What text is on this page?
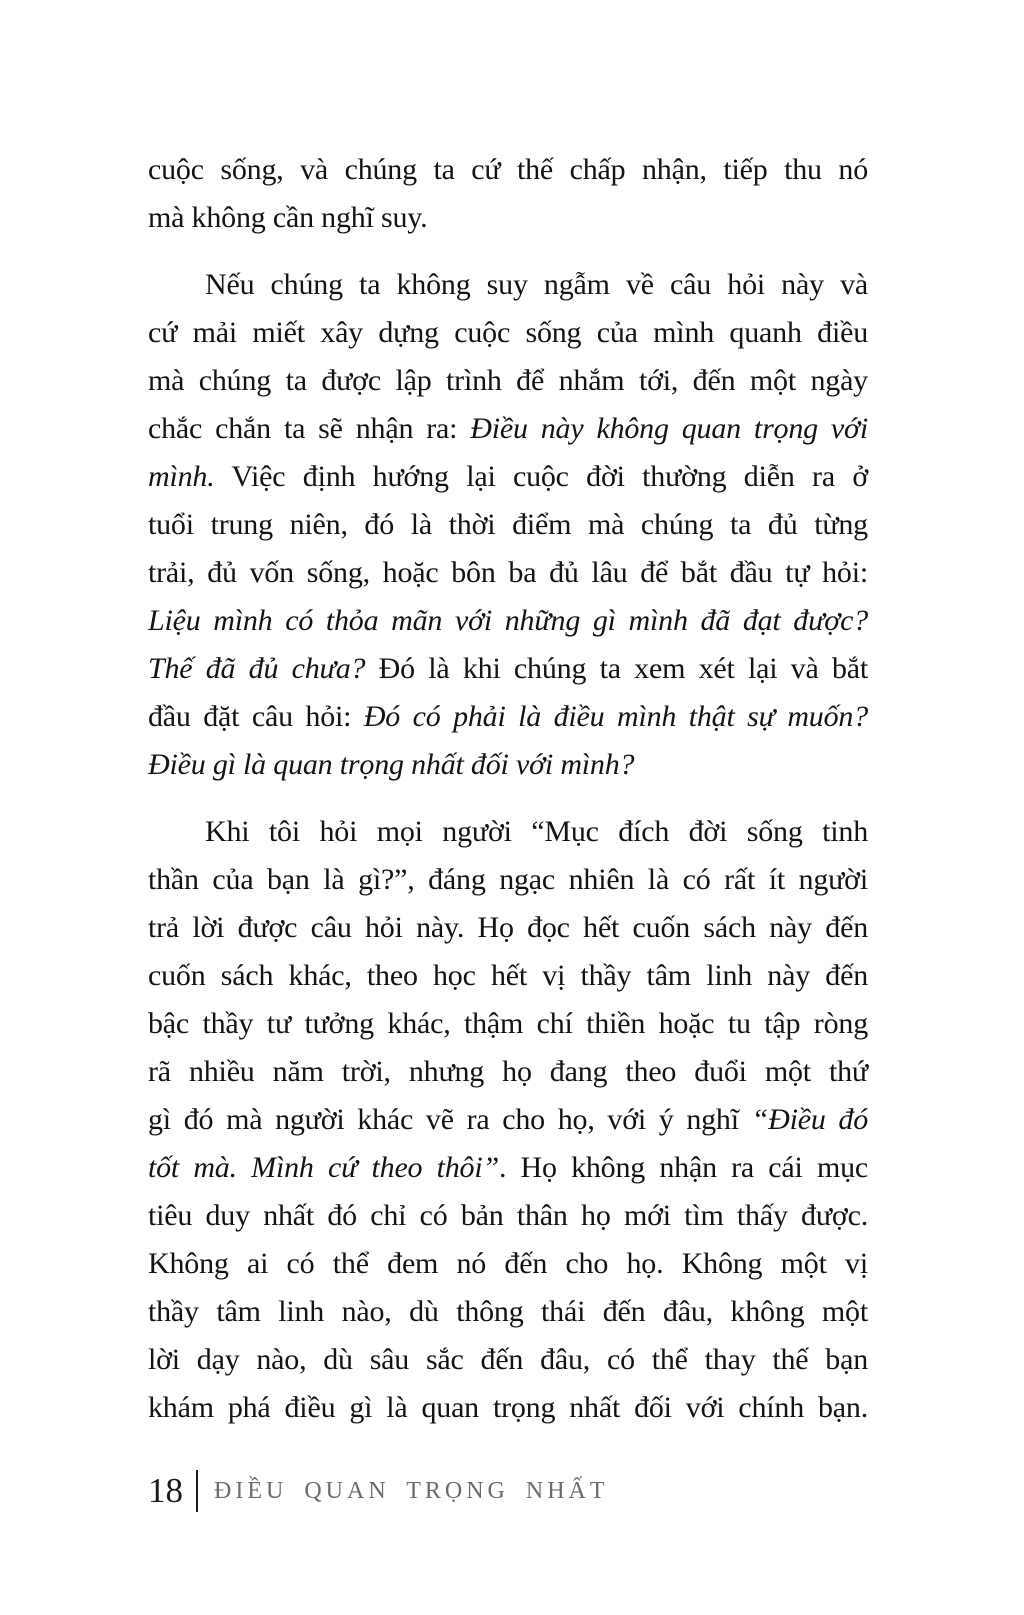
cuộc sống, và chúng ta cứ thế chấp nhận, tiếp thu nó
mà không cần nghĩ suy.
Nếu chúng ta không suy ngẫm về câu hỏi này và
cứ mải miết xây dựng cuộc sống của mình quanh điều
mà chúng ta được lập trình để nhắm tới, đến một ngày
chắc chắn ta sẽ nhận ra: Điều này không quan trọng với
mình. Việc định hướng lại cuộc đời thường diễn ra ở
tuổi trung niên, đó là thời điểm mà chúng ta đủ từng
trải, đủ vốn sống, hoặc bôn ba đủ lâu để bắt đầu tự hỏi:
Liệu mình có thỏa mãn với những gì mình đã đạt được?
Thế đã đủ chưa? Đó là khi chúng ta xem xét lại và bắt
đầu đặt câu hỏi: Đó có phải là điều mình thật sự muốn?
Điều gì là quan trọng nhất đối với mình?
Khi tôi hỏi mọi người “Mục đích đời sống tinh
thần của bạn là gì?”, đáng ngạc nhiên là có rất ít người
trả lời được câu hỏi này. Họ đọc hết cuốn sách này đến
cuốn sách khác, theo học hết vị thầy tâm linh này đến
bậc thầy tư tưởng khác, thậm chí thiền hoặc tu tập ròng
rã nhiều năm trời, nhưng họ đang theo đuổi một thứ
gì đó mà người khác vẽ ra cho họ, với ý nghĩ “Điều đó
tốt mà. Mình cứ theo thôi”. Họ không nhận ra cái mục
tiêu duy nhất đó chỉ có bản thân họ mới tìm thấy được.
Không ai có thể đem nó đến cho họ. Không một vị
thầy tâm linh nào, dù thông thái đến đâu, không một
lời dạy nào, dù sâu sắc đến đâu, có thể thay thế bạn
khám phá điều gì là quan trọng nhất đối với chính bạn.
18 ĐIỀU QUAN TRỌNG NHẤT
